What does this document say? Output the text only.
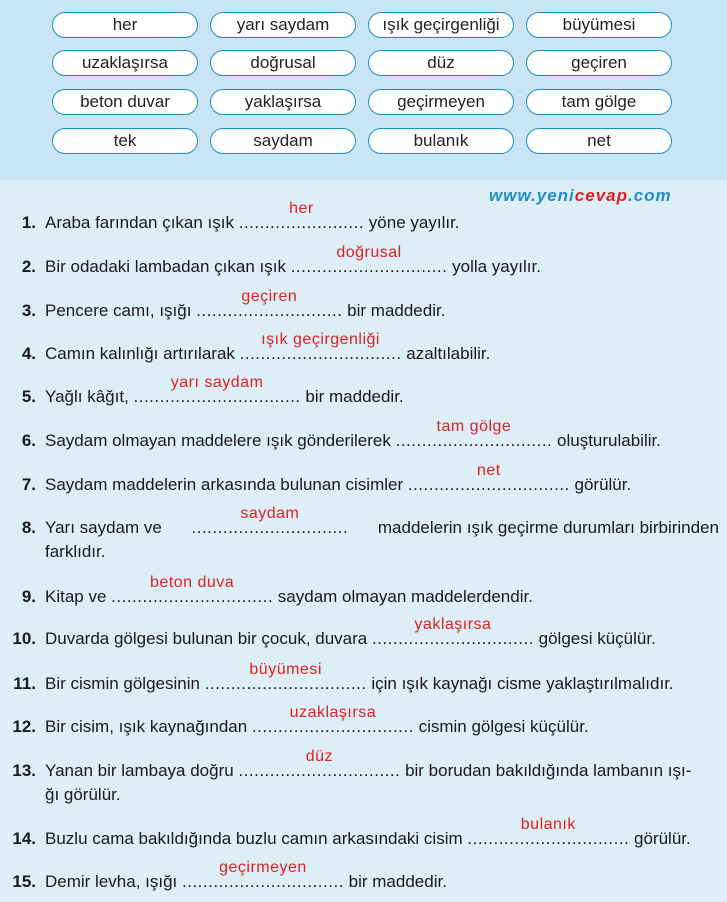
her	yarı saydam	ışık geçirgenliği	büyümesi
uzaklaşırsa	doğrusal	düz	geçiren
beton duvar	yaklaşırsa	geçirmeyen	tam gölge
tek	saydam	bulanık	net
www.yenicevap.com
1. Araba farından çıkan ışık ........................
her
yöne yayılır.
2. Bir odadaki lambadan çıkan ışık ..............................
doğrusal
yolla yayılır.
3. Pencere camı, ışığı ............................
geçiren
bir maddedir.
4. Camın kalınlığı artırılarak ...............................
ışık geçirgenliği
azaltılabilir.
5. Yağlı kâğıt, ................................
yarı saydam
bir maddedir.
6. Saydam olmayan maddelere ışık gönderilerek ..............................
tam gölge
oluşturulabilir.
7. Saydam maddelerin arkasında bulunan cisimler ...............................
net
görülür.
8. Yarı saydam ve ..............................
saydam
maddelerin ışık geçirme durumları birbirinden
farklıdır.
9. Kitap ve ...............................
beton duva
saydam olmayan maddelerdendir.
10. Duvarda gölgesi bulunan bir çocuk, duvara ...............................
yaklaşırsa
gölgesi küçülür.
11. Bir cismin gölgesinin ...............................
büyümesi
için ışık kaynağı cisme yaklaştırılmalıdır.
12. Bir cisim, ışık kaynağından ...............................
uzaklaşırsa
cismin gölgesi küçülür.
13. Yanan bir lambaya doğru ...............................
düz
bir borudan bakıldığında lambanın ışı-
ğı görülür.
14. Buzlu cama bakıldığında buzlu camın arkasındaki cisim ...............................
bulanık
görülür.
15. Demir levha, ışığı ...............................
geçirmeyen
bir maddedir.
